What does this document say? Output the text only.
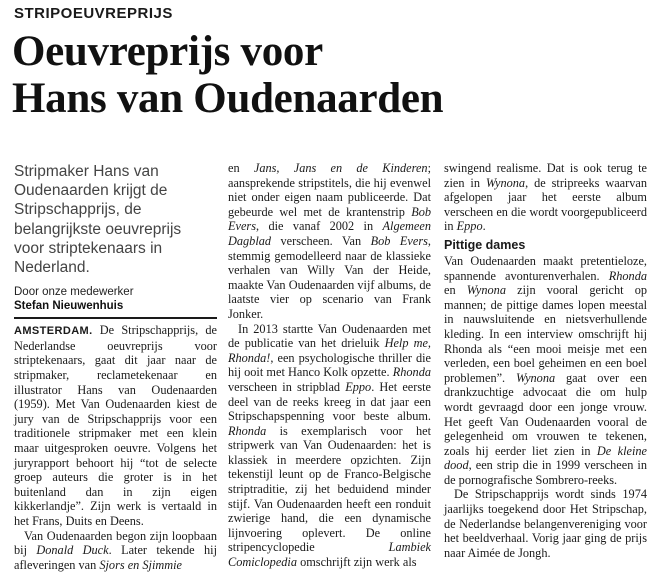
STRIPOEUVREPRIJS
Oeuvreprijs voor
Hans van Oudenaarden
Stripmaker Hans van
Oudenaarden krijgt de
Stripschapprijs, de
belangrijkste oeuvreprijs
voor striptekenaars in
Nederland.
Door onze medewerker
Stefan Nieuwenhuis

AMSTERDAM. De Stripschapprijs, de Nederlandse oeuvreprijs voor striptekenaars, gaat dit jaar naar de stripmaker, reclametekenaar en illustrator Hans van Oudenaarden (1959). Met Van Oudenaarden kiest de jury van de Stripschapprijs voor een traditionele stripmaker met een klein maar uitgesproken oeuvre. Volgens het juryrapport behoort hij “tot de selecte groep auteurs die groter is in het buitenland dan in zijn eigen kikkerlandje”. Zijn werk is vertaald in het Frans, Duits en Deens.

Van Oudenaarden begon zijn loopbaan bij Donald Duck. Later tekende hij afleveringen van Sjors en Sjimmie

en Jans, Jans en de Kinderen; aansprekende stripstitels, die hij evenwel niet onder eigen naam publiceerde. Dat gebeurde wel met de krantenstrip Bob Evers, die vanaf 2002 in Algemeen Dagblad verscheen. Van Bob Evers, stemmig gemodelleerd naar de klassieke verhalen van Willy Van der Heide, maakte Van Oudenaarden vijf albums, de laatste vier op scenario van Frank Jonker.

In 2013 startte Van Oudenaarden met de publicatie van het drieluik Help me, Rhonda!, een psychologische thriller die hij ooit met Hanco Kolk opzette. Rhonda verscheen in stripblad Eppo. Het eerste deel van de reeks kreeg in dat jaar een Stripschapspenning voor beste album. Rhonda is exemplarisch voor het stripwerk van Van Oudenaarden: het is klassiek in meerdere opzichten. Zijn tekenstijl leunt op de Franco-Belgische striptraditie, zij het beduidend minder stijf. Van Oudenaarden heeft een ronduit zwierige hand, die een dynamische lijnvoering oplevert. De online stripencyclopedie Lambiek Comiclopedia omschrijft zijn werk als

swingend realisme. Dat is ook terug te zien in Wynona, de stripreeks waarvan afgelopen jaar het eerste album verscheen en die wordt voorgepubliceerd in Eppo.

Pittige dames

Van Oudenaarden maakt pretentieloze, spannende avonturenverhalen. Rhonda en Wynona zijn vooral gericht op mannen; de pittige dames lopen meestal in nauwsluitende en nietsverhullende kleding. In een interview omschrijft hij Rhonda als “een mooi meisje met een verleden, een boel geheimen en een boel problemen”. Wynona gaat over een drankzuchtige advocaat die om hulp wordt gevraagd door een jonge vrouw. Het geeft Van Oudenaarden vooral de gelegenheid om vrouwen te tekenen, zoals hij eerder liet zien in De kleine dood, een strip die in 1999 verscheen in de pornografische Sombrero-reeks.

De Stripschapprijs wordt sinds 1974 jaarlijks toegekend door Het Stripschap, de Nederlandse belangenvereniging voor het beeldverhaal. Vorig jaar ging de prijs naar Aimée de Jongh.
